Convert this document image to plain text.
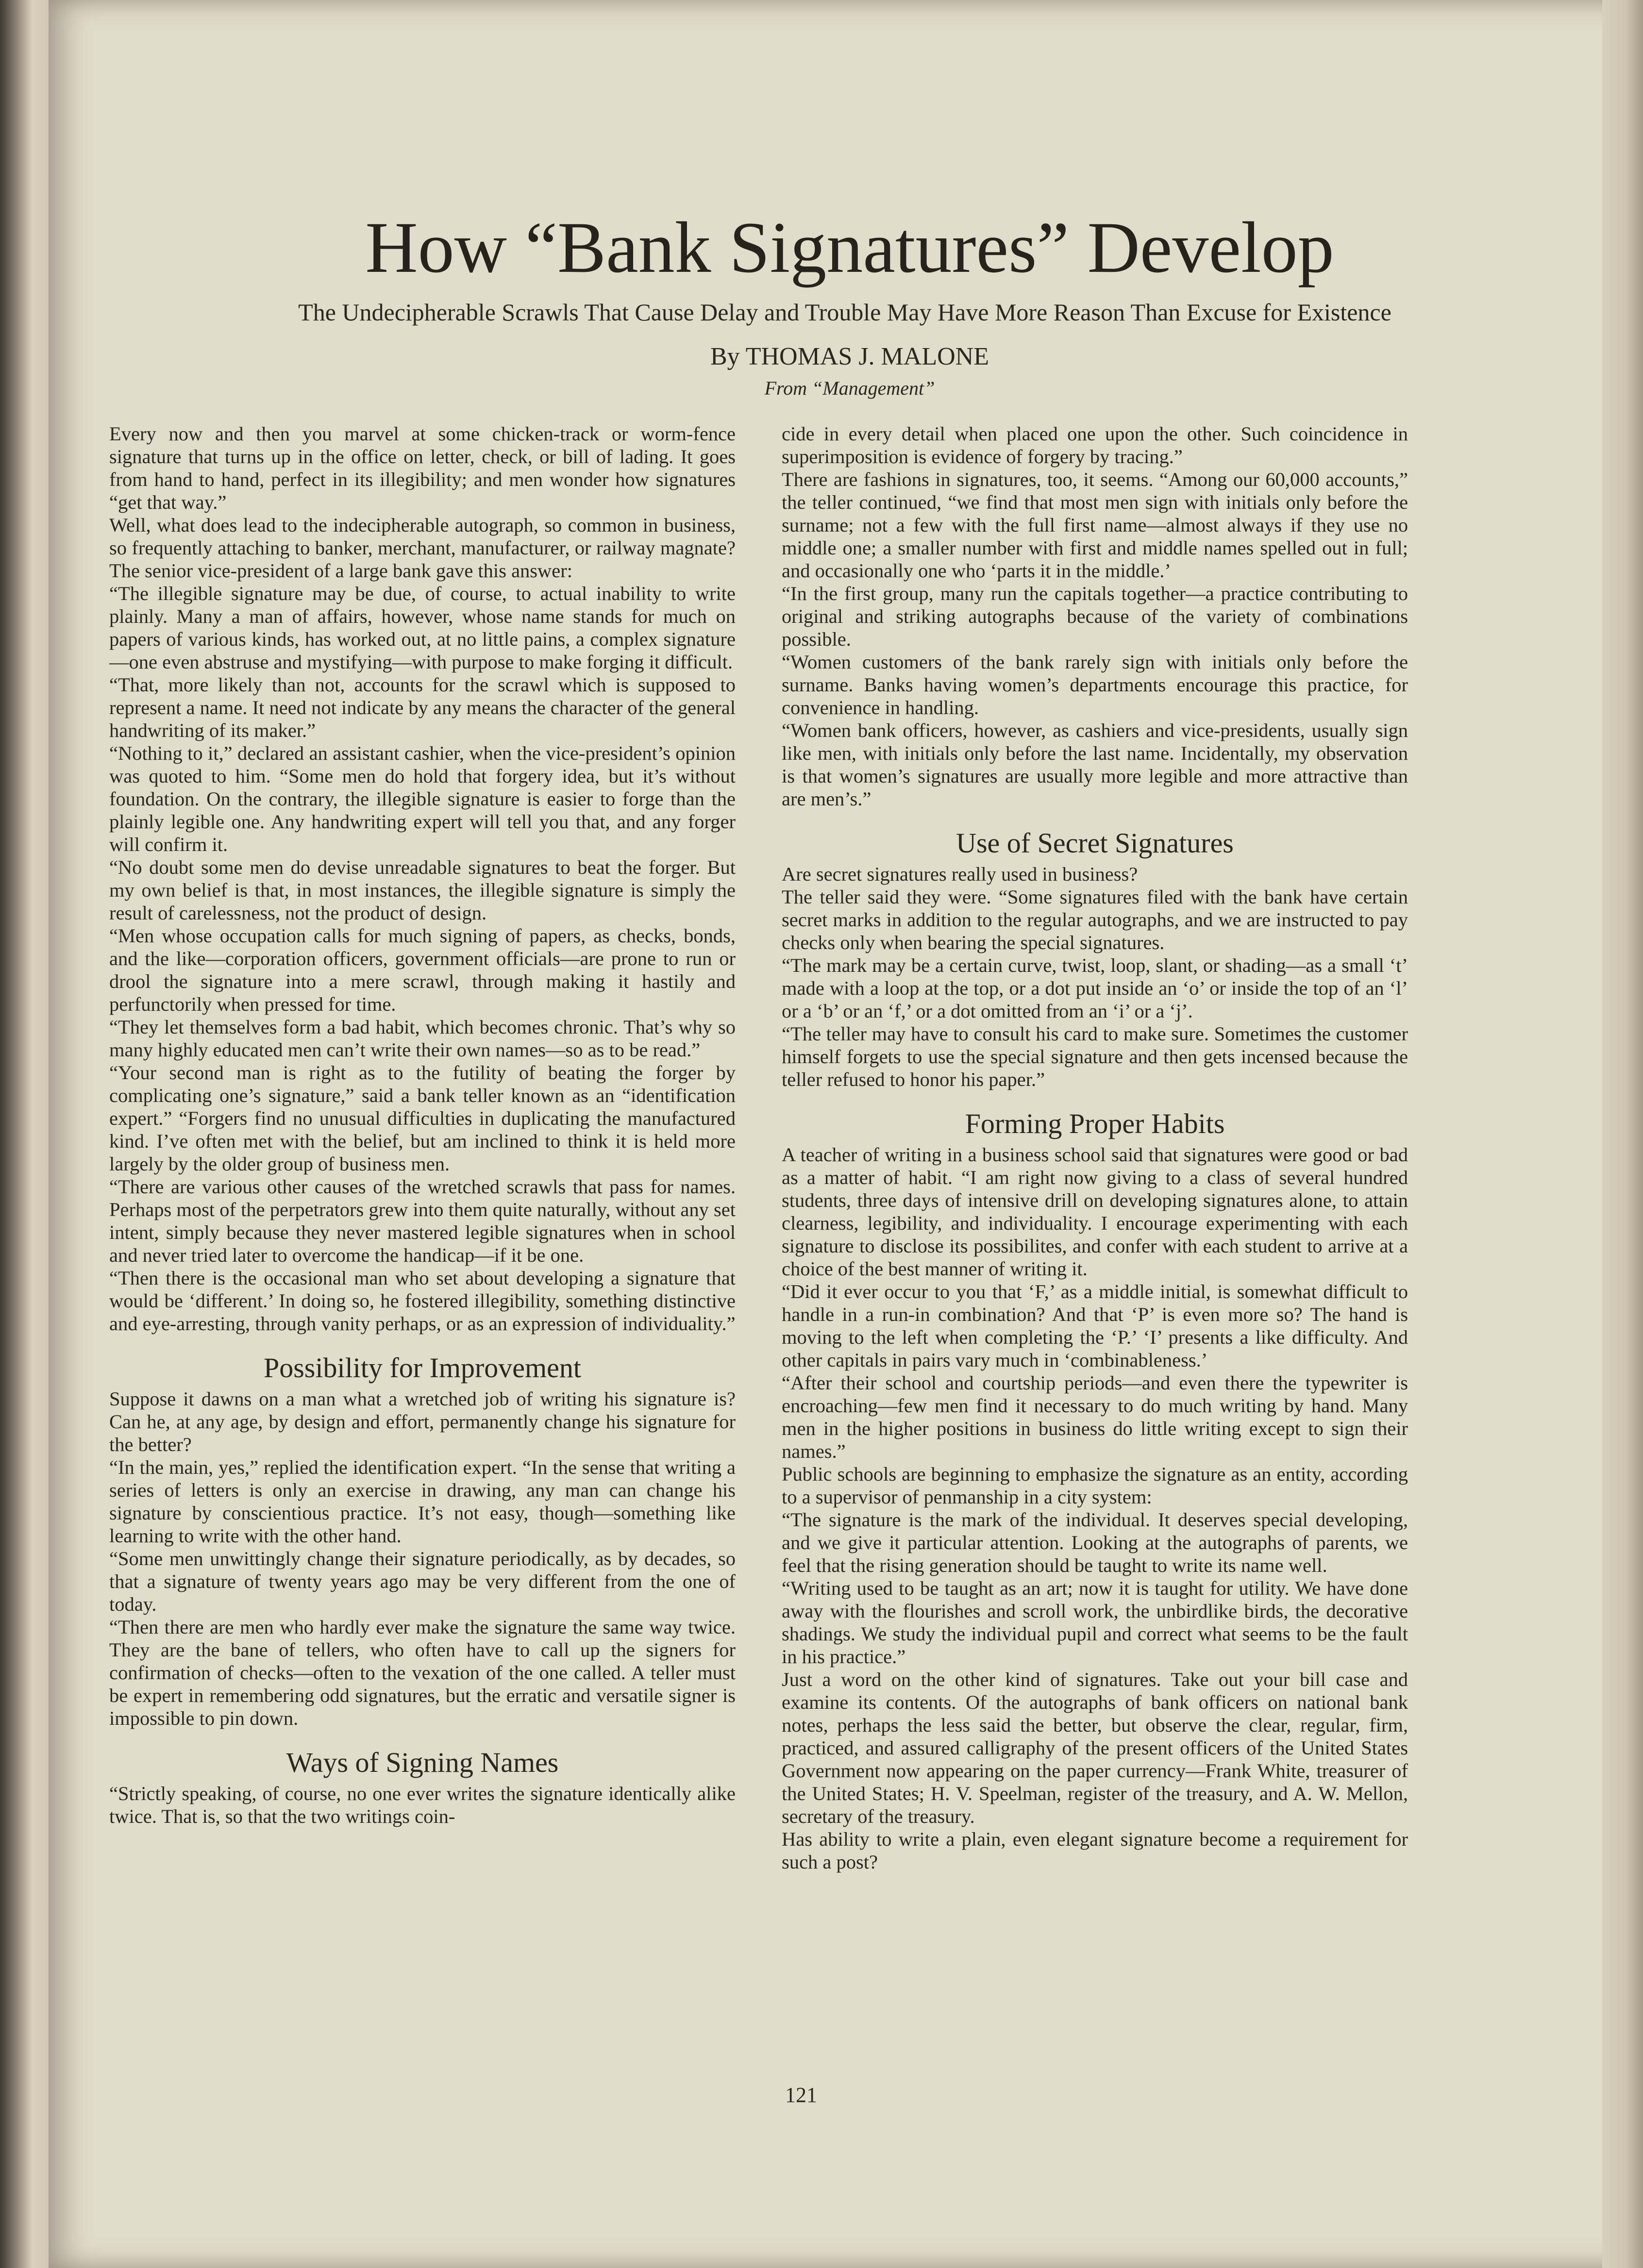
How “Bank Signatures” Develop

The Undecipherable Scrawls That Cause Delay and Trouble May Have More Reason Than Excuse for Existence

By THOMAS J. MALONE
From “Management”

Every now and then you marvel at some chicken-track or worm-fence signature that turns up in the office on letter, check, or bill of lading. It goes from hand to hand, perfect in its illegibility; and men wonder how signatures “get that way.”

Well, what does lead to the indecipherable autograph, so common in business, so frequently attaching to banker, merchant, manufacturer, or railway magnate? The senior vice-president of a large bank gave this answer:

“The illegible signature may be due, of course, to actual inability to write plainly. Many a man of affairs, however, whose name stands for much on papers of various kinds, has worked out, at no little pains, a complex signature—one even abstruse and mystifying—with purpose to make forging it difficult.

“That, more likely than not, accounts for the scrawl which is supposed to represent a name. It need not indicate by any means the character of the general handwriting of its maker.”

“Nothing to it,” declared an assistant cashier, when the vice-president’s opinion was quoted to him. “Some men do hold that forgery idea, but it’s without foundation. On the contrary, the illegible signature is easier to forge than the plainly legible one. Any handwriting expert will tell you that, and any forger will confirm it.

“No doubt some men do devise unreadable signatures to beat the forger. But my own belief is that, in most instances, the illegible signature is simply the result of carelessness, not the product of design.

“Men whose occupation calls for much signing of papers, as checks, bonds, and the like—corporation officers, government officials—are prone to run or drool the signature into a mere scrawl, through making it hastily and perfunctorily when pressed for time.

“They let themselves form a bad habit, which becomes chronic. That’s why so many highly educated men can’t write their own names—so as to be read.”

“Your second man is right as to the futility of beating the forger by complicating one’s signature,” said a bank teller known as an “identification expert.” “Forgers find no unusual difficulties in duplicating the manufactured kind. I’ve often met with the belief, but am inclined to think it is held more largely by the older group of business men.

“There are various other causes of the wretched scrawls that pass for names. Perhaps most of the perpetrators grew into them quite naturally, without any set intent, simply because they never mastered legible signatures when in school and never tried later to overcome the handicap—if it be one.

“Then there is the occasional man who set about developing a signature that would be ‘different.’ In doing so, he fostered illegibility, something distinctive and eye-arresting, through vanity perhaps, or as an expression of individuality.”

Possibility for Improvement

Suppose it dawns on a man what a wretched job of writing his signature is? Can he, at any age, by design and effort, permanently change his signature for the better?

“In the main, yes,” replied the identification expert. “In the sense that writing a series of letters is only an exercise in drawing, any man can change his signature by conscientious practice. It’s not easy, though—something like learning to write with the other hand.

“Some men unwittingly change their signature periodically, as by decades, so that a signature of twenty years ago may be very different from the one of today.

“Then there are men who hardly ever make the signature the same way twice. They are the bane of tellers, who often have to call up the signers for confirmation of checks—often to the vexation of the one called. A teller must be expert in remembering odd signatures, but the erratic and versatile signer is impossible to pin down.

Ways of Signing Names

“Strictly speaking, of course, no one ever writes the signature identically alike twice. That is, so that the two writings coin-

cide in every detail when placed one upon the other. Such coincidence in superimposition is evidence of forgery by tracing.”

There are fashions in signatures, too, it seems. “Among our 60,000 accounts,” the teller continued, “we find that most men sign with initials only before the surname; not a few with the full first name—almost always if they use no middle one; a smaller number with first and middle names spelled out in full; and occasionally one who ‘parts it in the middle.’

“In the first group, many run the capitals together—a practice contributing to original and striking autographs because of the variety of combinations possible.

“Women customers of the bank rarely sign with initials only before the surname. Banks having women’s departments encourage this practice, for convenience in handling.

“Women bank officers, however, as cashiers and vice-presidents, usually sign like men, with initials only before the last name. Incidentally, my observation is that women’s signatures are usually more legible and more attractive than are men’s.”

Use of Secret Signatures

Are secret signatures really used in business?

The teller said they were. “Some signatures filed with the bank have certain secret marks in addition to the regular autographs, and we are instructed to pay checks only when bearing the special signatures.

“The mark may be a certain curve, twist, loop, slant, or shading—as a small ‘t’ made with a loop at the top, or a dot put inside an ‘o’ or inside the top of an ‘l’ or a ‘b’ or an ‘f,’ or a dot omitted from an ‘i’ or a ‘j’.

“The teller may have to consult his card to make sure. Sometimes the customer himself forgets to use the special signature and then gets incensed because the teller refused to honor his paper.”

Forming Proper Habits

A teacher of writing in a business school said that signatures were good or bad as a matter of habit. “I am right now giving to a class of several hundred students, three days of intensive drill on developing signatures alone, to attain clearness, legibility, and individuality. I encourage experimenting with each signature to disclose its possibilites, and confer with each student to arrive at a choice of the best manner of writing it.

“Did it ever occur to you that ‘F,’ as a middle initial, is somewhat difficult to handle in a run-in combination? And that ‘P’ is even more so? The hand is moving to the left when completing the ‘P.’ ‘I’ presents a like difficulty. And other capitals in pairs vary much in ‘combinableness.’

“After their school and courtship periods—and even there the typewriter is encroaching—few men find it necessary to do much writing by hand. Many men in the higher positions in business do little writing except to sign their names.”

Public schools are beginning to emphasize the signature as an entity, according to a supervisor of penmanship in a city system:

“The signature is the mark of the individual. It deserves special developing, and we give it particular attention. Looking at the autographs of parents, we feel that the rising generation should be taught to write its name well.

“Writing used to be taught as an art; now it is taught for utility. We have done away with the flourishes and scroll work, the unbirdlike birds, the decorative shadings. We study the individual pupil and correct what seems to be the fault in his practice.”

Just a word on the other kind of signatures. Take out your bill case and examine its contents. Of the autographs of bank officers on national bank notes, perhaps the less said the better, but observe the clear, regular, firm, practiced, and assured calligraphy of the present officers of the United States Government now appearing on the paper currency—Frank White, treasurer of the United States; H. V. Speelman, register of the treasury, and A. W. Mellon, secretary of the treasury.

Has ability to write a plain, even elegant signature become a requirement for such a post?

121
